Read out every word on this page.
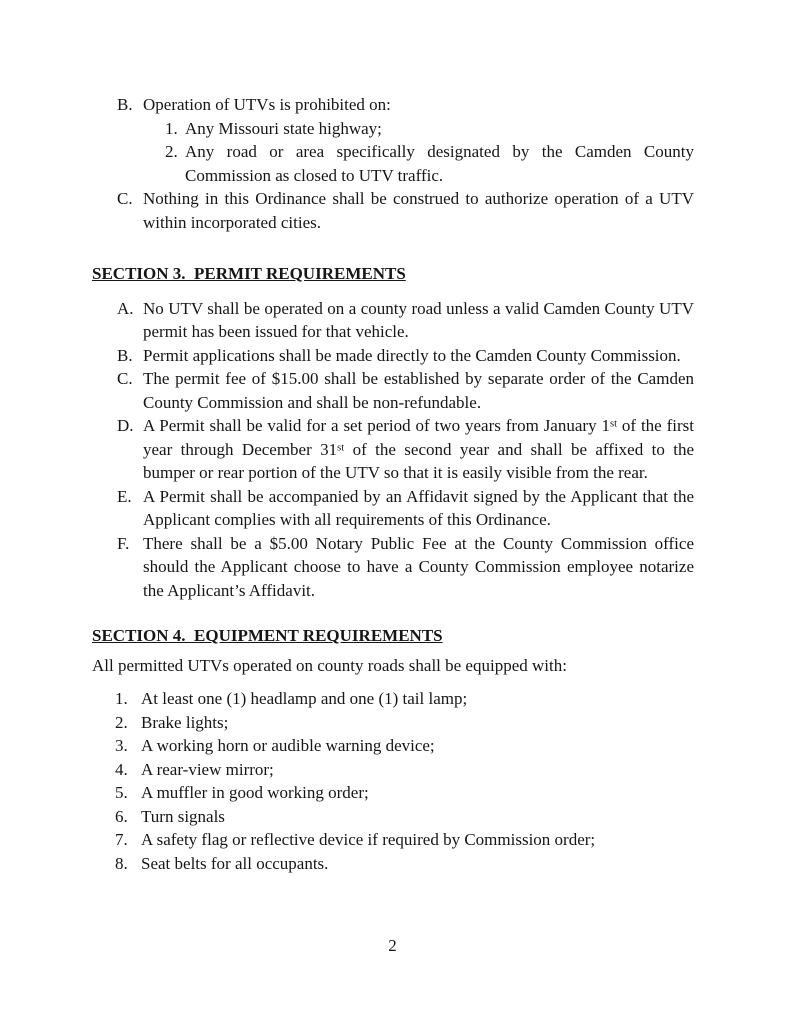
B. Operation of UTVs is prohibited on:
1. Any Missouri state highway;
2. Any road or area specifically designated by the Camden County Commission as closed to UTV traffic.
C. Nothing in this Ordinance shall be construed to authorize operation of a UTV within incorporated cities.
SECTION 3.  PERMIT REQUIREMENTS
A. No UTV shall be operated on a county road unless a valid Camden County UTV permit has been issued for that vehicle.
B. Permit applications shall be made directly to the Camden County Commission.
C. The permit fee of $15.00 shall be established by separate order of the Camden County Commission and shall be non-refundable.
D. A Permit shall be valid for a set period of two years from January 1st of the first year through December 31st of the second year and shall be affixed to the bumper or rear portion of the UTV so that it is easily visible from the rear.
E. A Permit shall be accompanied by an Affidavit signed by the Applicant that the Applicant complies with all requirements of this Ordinance.
F. There shall be a $5.00 Notary Public Fee at the County Commission office should the Applicant choose to have a County Commission employee notarize the Applicant’s Affidavit.
SECTION 4.  EQUIPMENT REQUIREMENTS
All permitted UTVs operated on county roads shall be equipped with:
1. At least one (1) headlamp and one (1) tail lamp;
2. Brake lights;
3. A working horn or audible warning device;
4. A rear-view mirror;
5. A muffler in good working order;
6. Turn signals
7. A safety flag or reflective device if required by Commission order;
8. Seat belts for all occupants.
2
